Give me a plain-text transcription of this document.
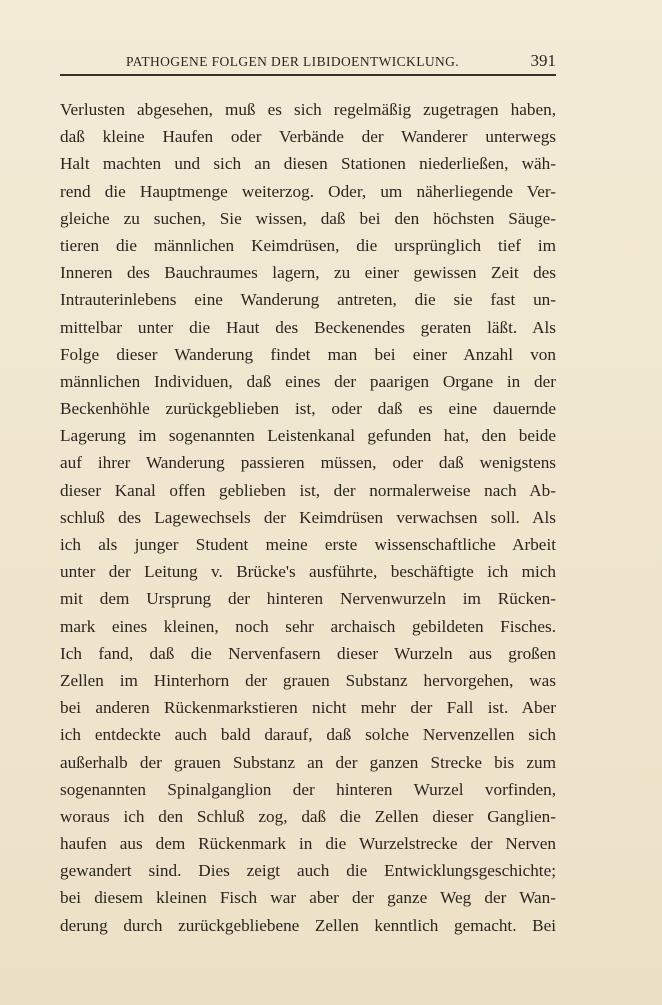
PATHOGENE FOLGEN DER LIBIDOENTWICKLUNG.	391
Verlusten abgesehen, muß es sich regelmäßig zugetragen haben,
daß kleine Haufen oder Verbände der Wanderer unterwegs
Halt machten und sich an diesen Stationen niederließen, wäh-
rend die Hauptmenge weiterzog. Oder, um näherliegende Ver-
gleiche zu suchen, Sie wissen, daß bei den höchsten Säuge-
tieren die männlichen Keimdrüsen, die ursprünglich tief im
Inneren des Bauchraumes lagern, zu einer gewissen Zeit des
Intrauterinlebens eine Wanderung antreten, die sie fast un-
mittelbar unter die Haut des Beckenendes geraten läßt. Als
Folge dieser Wanderung findet man bei einer Anzahl von
männlichen Individuen, daß eines der paarigen Organe in der
Beckenhöhle zurückgeblieben ist, oder daß es eine dauernde
Lagerung im sogenannten Leistenkanal gefunden hat, den beide
auf ihrer Wanderung passieren müssen, oder daß wenigstens
dieser Kanal offen geblieben ist, der normalerweise nach Ab-
schluß des Lagewechsels der Keimdrüsen verwachsen soll. Als
ich als junger Student meine erste wissenschaftliche Arbeit
unter der Leitung v. Brücke's ausführte, beschäftigte ich mich
mit dem Ursprung der hinteren Nervenwurzeln im Rücken-
mark eines kleinen, noch sehr archaisch gebildeten Fisches.
Ich fand, daß die Nervenfasern dieser Wurzeln aus großen
Zellen im Hinterhorn der grauen Substanz hervorgehen, was
bei anderen Rückenmarkstieren nicht mehr der Fall ist. Aber
ich entdeckte auch bald darauf, daß solche Nervenzellen sich
außerhalb der grauen Substanz an der ganzen Strecke bis zum
sogenannten Spinalganglion der hinteren Wurzel vorfinden,
woraus ich den Schluß zog, daß die Zellen dieser Ganglien-
haufen aus dem Rückenmark in die Wurzelstrecke der Nerven
gewandert sind. Dies zeigt auch die Entwicklungsgeschichte;
bei diesem kleinen Fisch war aber der ganze Weg der Wan-
derung durch zurückgebliebene Zellen kenntlich gemacht. Bei
